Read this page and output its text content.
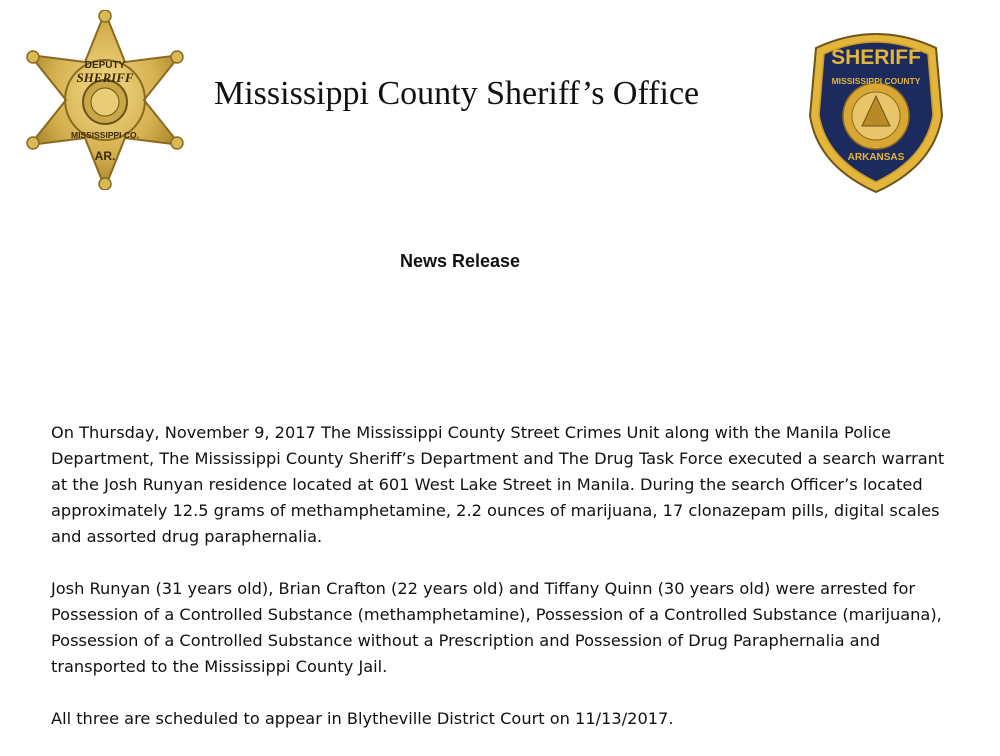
DEPUTY
SHERIFF
MISSISSIPPI CO.
AR.
Mississippi County Sheriff’s Office
SHERIFF
MISSISSIPPI COUNTY
ARKANSAS
News Release

On Thursday, November 9, 2017 The Mississippi County Street Crimes Unit along with the Manila Police Department, The Mississippi County Sheriff’s Department and The Drug Task Force executed a search warrant at the Josh Runyan residence located at 601 West Lake Street in Manila. During the search Officer’s located approximately 12.5 grams of methamphetamine, 2.2 ounces of marijuana, 17 clonazepam pills, digital scales and assorted drug paraphernalia.

Josh Runyan (31 years old), Brian Crafton (22 years old) and Tiffany Quinn (30 years old) were arrested for Possession of a Controlled Substance (methamphetamine), Possession of a Controlled Substance (marijuana), Possession of a Controlled Substance without a Prescription and Possession of Drug Paraphernalia and transported to the Mississippi County Jail.

All three are scheduled to appear in Blytheville District Court on 11/13/2017.
